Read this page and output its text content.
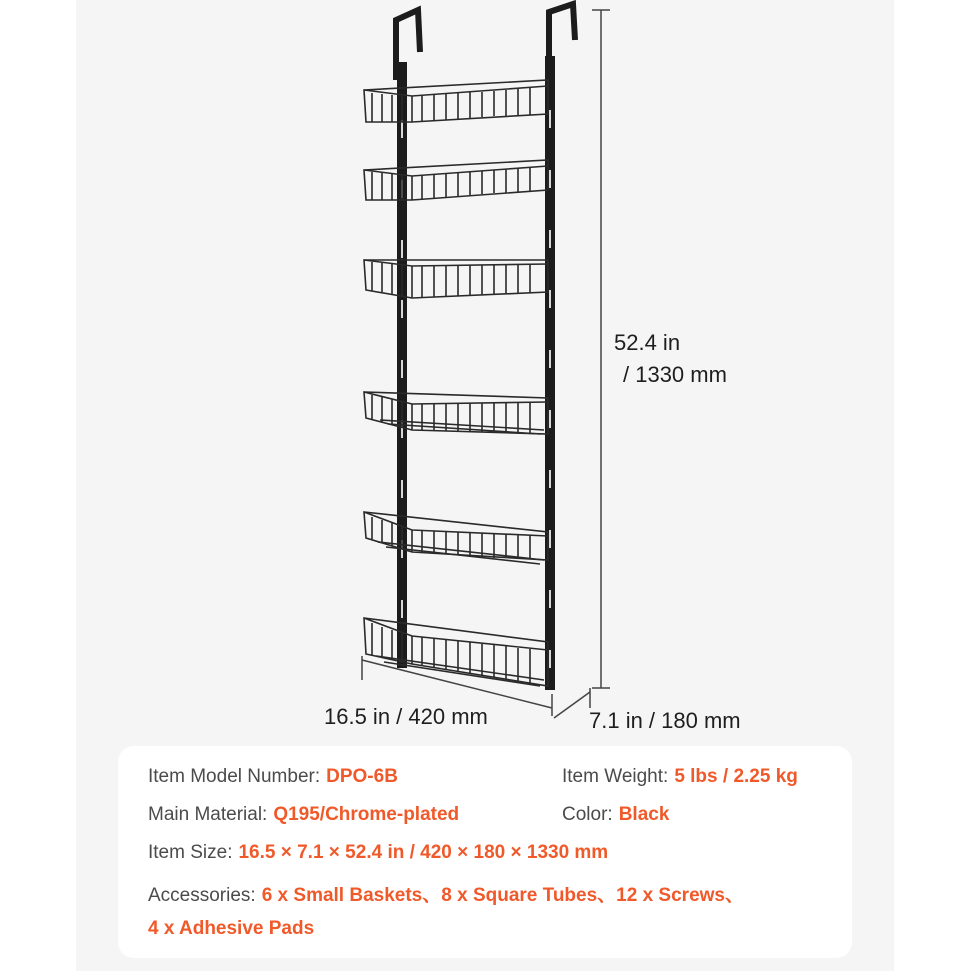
52.4 in
/ 1330 mm
16.5 in / 420 mm	7.1 in / 180 mm
Item Model Number: DPO-6B	Item Weight: 5 lbs / 2.25 kg
Main Material: Q195/Chrome-plated	Color: Black
Item Size: 16.5 × 7.1 × 52.4 in / 420 × 180 × 1330 mm
Accessories: 6 x Small Baskets、8 x Square Tubes、12 x Screws、
4 x Adhesive Pads
